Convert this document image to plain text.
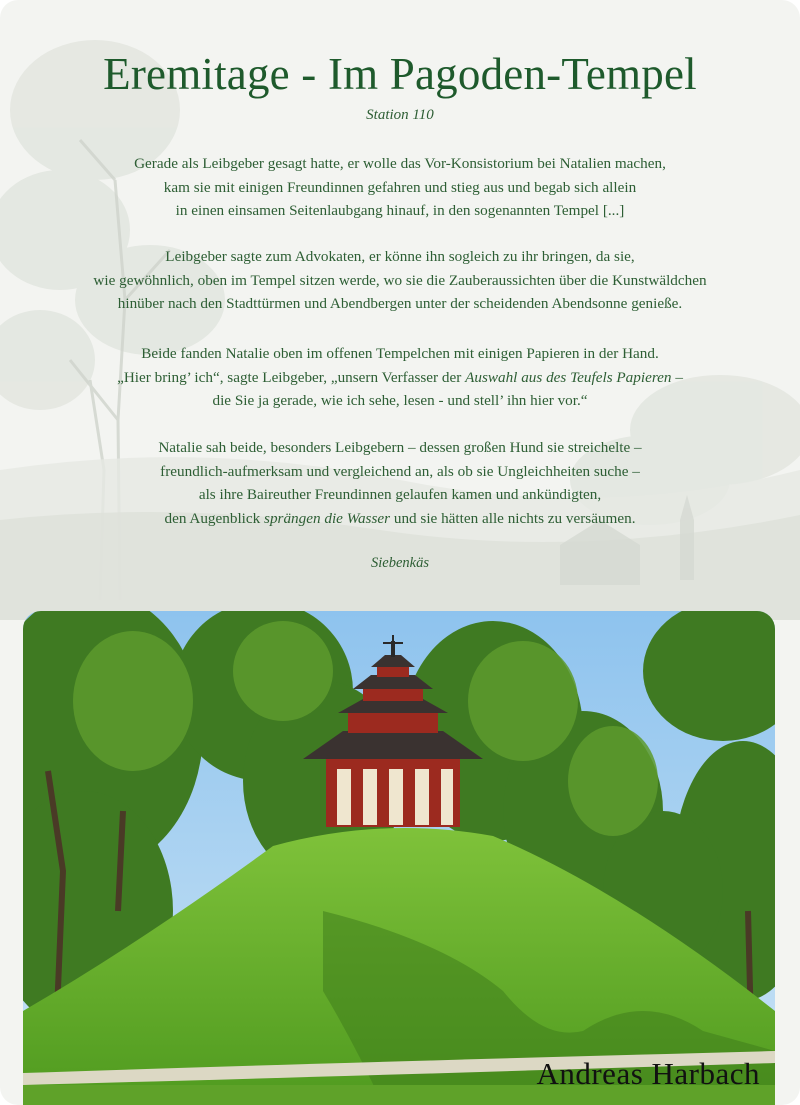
Eremitage - Im Pagoden-Tempel
Station 110
Gerade als Leibgeber gesagt hatte, er wolle das Vor-Konsistorium bei Natalien machen,
kam sie mit einigen Freundinnen gefahren und stieg aus und begab sich allein
in einen einsamen Seitenlaubgang hinauf, in den sogenannten Tempel [...]
Leibgeber sagte zum Advokaten, er könne ihn sogleich zu ihr bringen, da sie,
wie gewöhnlich, oben im Tempel sitzen werde, wo sie die Zauberaussichten über die Kunstwäldchen
hinüber nach den Stadttürmen und Abendbergen unter der scheidenden Abendsonne genieße.
Beide fanden Natalie oben im offenen Tempelchen mit einigen Papieren in der Hand.
„Hier bring’ ich“, sagte Leibgeber, „unsern Verfasser der Auswahl aus des Teufels Papieren –
die Sie ja gerade, wie ich sehe, lesen - und stell’ ihn hier vor.“
Natalie sah beide, besonders Leibgebern – dessen großen Hund sie streichelte –
freundlich-aufmerksam und vergleichend an, als ob sie Ungleichheiten suche –
als ihre Baireuther Freundinnen gelaufen kamen und ankündigten,
den Augenblick sprängen die Wasser und sie hätten alle nichts zu versäumen.
Siebenkäs
Andreas Harbach
